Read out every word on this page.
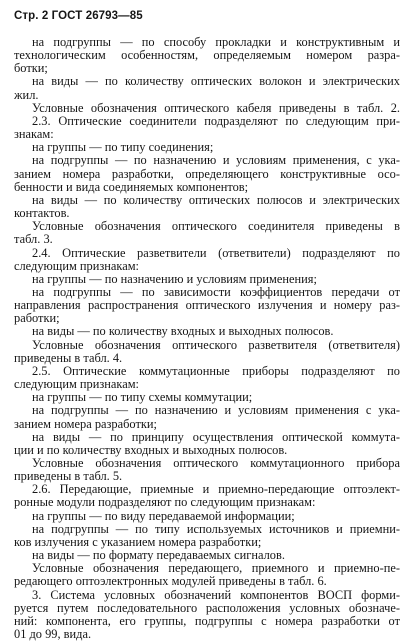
Стр. 2 ГОСТ 26793—85
на подгруппы — по способу прокладки и конструктивным и
технологическим особенностям, определяемым номером разра-
ботки;
на виды — по количеству оптических волокон и электрических
жил.
Условные обозначения оптического кабеля приведены в табл. 2.
2.3. Оптические соединители подразделяют по следующим при-
знакам:
на группы — по типу соединения;
на подгруппы — по назначению и условиям применения, с ука-
занием номера разработки, определяющего конструктивные осо-
бенности и вида соединяемых компонентов;
на виды — по количеству оптических полюсов и электрических
контактов.
Условные обозначения оптического соединителя приведены в
табл. 3.
2.4. Оптические разветвители (ответвители) подразделяют по
следующим признакам:
на группы — по назначению и условиям применения;
на подгруппы — по зависимости коэффициентов передачи от
направления распространения оптического излучения и номеру раз-
работки;
на виды — по количеству входных и выходных полюсов.
Условные обозначения оптического разветвителя (ответвителя)
приведены в табл. 4.
2.5. Оптические коммутационные приборы подразделяют по
следующим признакам:
на группы — по типу схемы коммутации;
на подгруппы — по назначению и условиям применения с ука-
занием номера разработки;
на виды — по принципу осуществления оптической коммута-
ции и по количеству входных и выходных полюсов.
Условные обозначения оптического коммутационного прибора
приведены в табл. 5.
2.6. Передающие, приемные и приемно-передающие оптоэлект-
ронные модули подразделяют по следующим признакам:
на группы — по виду передаваемой информации;
на подгруппы — по типу используемых источников и приемни-
ков излучения с указанием номера разработки;
на виды — по формату передаваемых сигналов.
Условные обозначения передающего, приемного и приемно-пе-
редающего оптоэлектронных модулей приведены в табл. 6.
3. Система условных обозначений компонентов ВОСП форми-
руется путем последовательного расположения условных обозначе-
ний: компонента, его группы, подгруппы с номера разработки от
01 до 99, вида.
